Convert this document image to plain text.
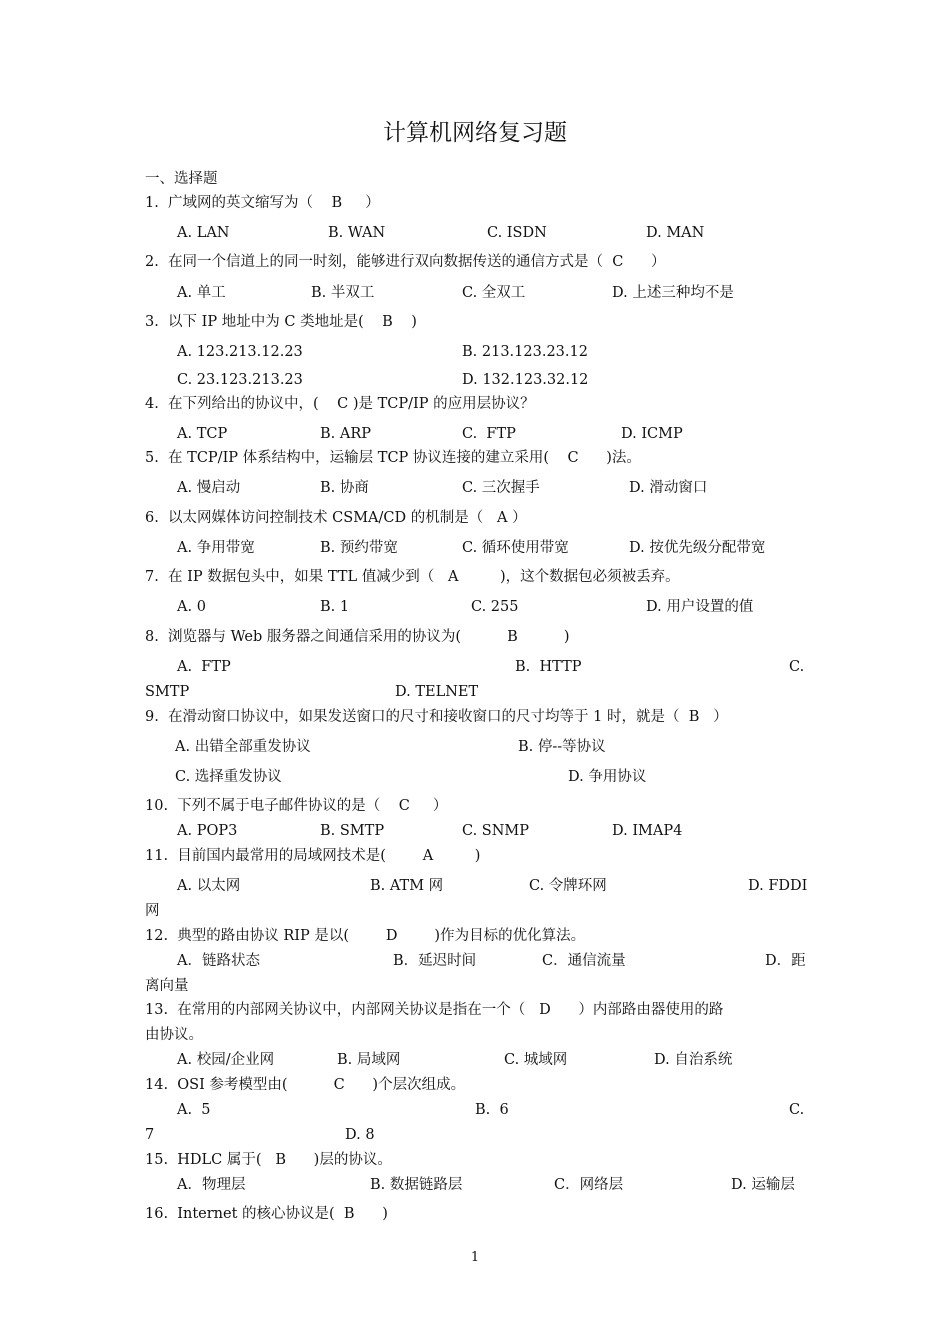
计算机网络复习题
一、选择题
1.  广域网的英文缩写为（    B     ）
A. LAN	B. WAN	C. ISDN	D. MAN
2.  在同一个信道上的同一时刻，能够进行双向数据传送的通信方式是（  C      ）
A. 单工	B. 半双工	C. 全双工	D. 上述三种均不是
3.  以下 IP 地址中为 C 类地址是(    B    )
A. 123.213.12.23	B. 213.123.23.12
C. 23.123.213.23	D. 132.123.32.12
4.  在下列给出的协议中，(    C )是 TCP/IP 的应用层协议？
A. TCP	B. ARP	C.  FTP	D. ICMP
5.  在 TCP/IP 体系结构中，运输层 TCP 协议连接的建立采用(    C      )法。
A. 慢启动	B. 协商	C. 三次握手	D. 滑动窗口
6.  以太网媒体访问控制技术 CSMA/CD 的机制是（   A ）
A. 争用带宽	B. 预约带宽	C. 循环使用带宽	D. 按优先级分配带宽
7.  在 IP 数据包头中，如果 TTL 值减少到（   A         )，这个数据包必须被丢弃。
A. 0	B. 1	C. 255	D. 用户设置的值
8.  浏览器与 Web 服务器之间通信采用的协议为(          B          )
A.  FTP	B.  HTTP	C.
SMTP	D. TELNET
9.  在滑动窗口协议中，如果发送窗口的尺寸和接收窗口的尺寸均等于 1 时，就是（  B   ）
A. 出错全部重发协议	B. 停--等协议
C. 选择重发协议	D. 争用协议
10.  下列不属于电子邮件协议的是（    C     ）
A. POP3	B. SMTP	C. SNMP	D. IMAP4
11.  目前国内最常用的局域网技术是(        A         )
A. 以太网	B. ATM 网	C. 令牌环网	D. FDDI
网
12.  典型的路由协议 RIP 是以(        D        )作为目标的优化算法。
A．链路状态	B．延迟时间	C．通信流量	D．距
离向量
13.  在常用的内部网关协议中，内部网关协议是指在一个（   D      ）内部路由器使用的路
由协议。
A. 校园/企业网	B. 局域网	C. 城域网	D. 自治系统
14.  OSI 参考模型由(          C      )个层次组成。
A.  5	B.  6	C.
7	D. 8
15.  HDLC 属于(   B      )层的协议。
A．物理层	B. 数据链路层	C．网络层	D. 运输层
16.  Internet 的核心协议是(  B      )
1
